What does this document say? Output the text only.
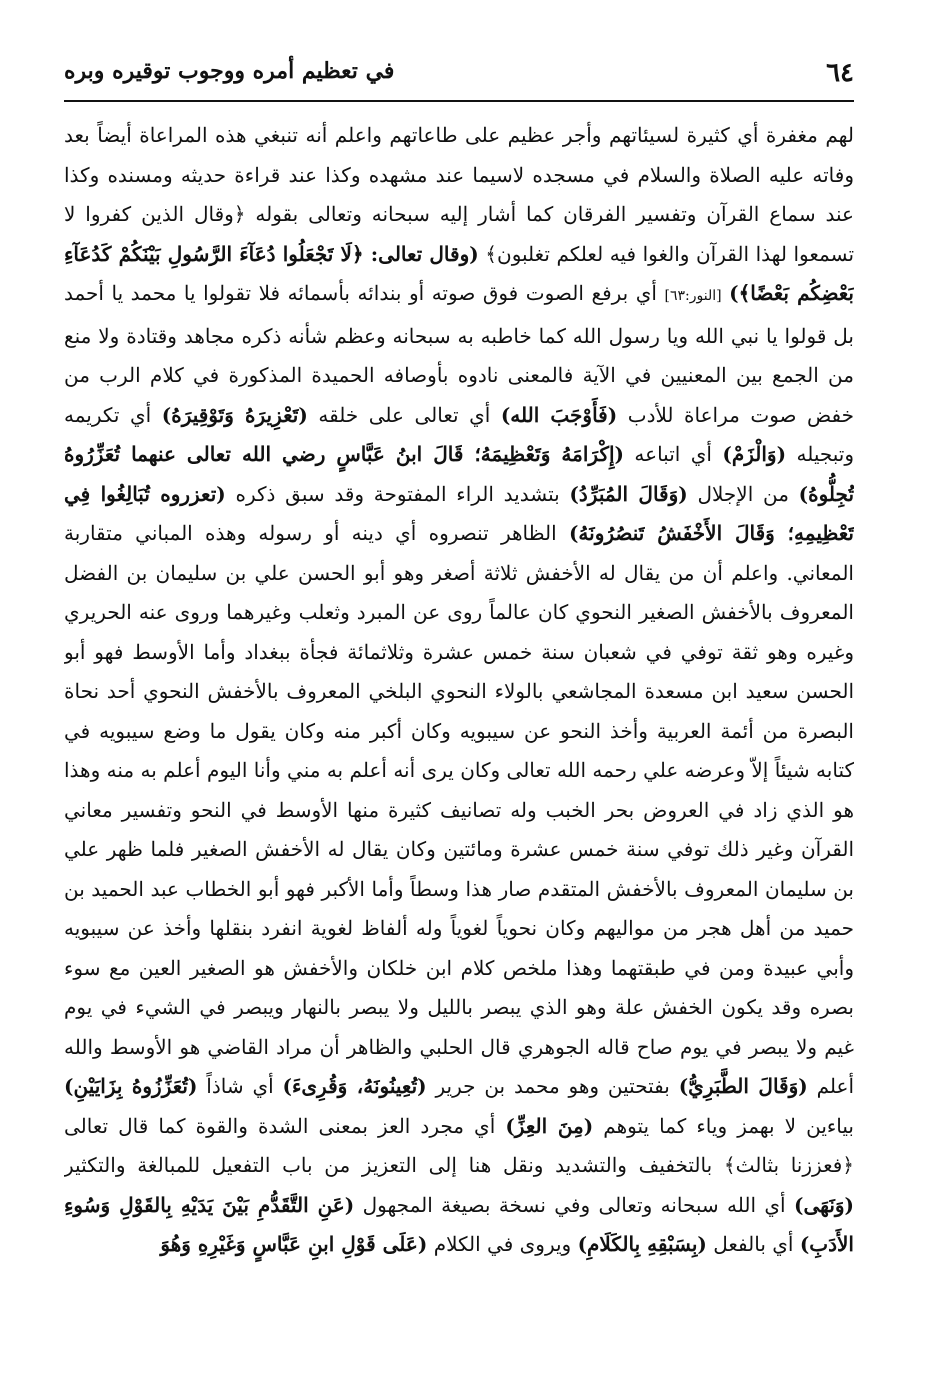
٦٤
في تعظيم أمره ووجوب توقيره وبره
لهم مغفرة أي كثيرة لسيئاتهم وأجر عظيم على طاعاتهم واعلم أنه تنبغي هذه المراعاة أيضاً بعد وفاته عليه الصلاة والسلام في مسجده لاسيما عند مشهده وكذا عند قراءة حديثه ومسنده وكذا عند سماع القرآن وتفسير الفرقان كما أشار إليه سبحانه وتعالى بقوله ﴿وقال الذين كفروا لا تسمعوا لهذا القرآن والغوا فيه لعلكم تغلبون﴾ (وقال تعالى: ﴿لَا تَجْعَلُوا دُعَآءَ الرَّسُولِ بَيْنَكُمْ كَدُعَآءِ بَعْضِكُم بَعْضًا﴾) [النور:٦٣] أي برفع الصوت فوق صوته أو بندائه بأسمائه فلا تقولوا يا محمد يا أحمد بل قولوا يا نبي الله ويا رسول الله كما خاطبه به سبحانه وعظم شأنه ذكره مجاهد وقتادة ولا منع من الجمع بين المعنيين في الآية فالمعنى نادوه بأوصافه الحميدة المذكورة في كلام الرب من خفض صوت مراعاة للأدب (فَأَوْجَبَ الله) أي تعالى على خلقه (تَعْزِيرَهُ وَتَوْقِيرَهُ) أي تكريمه وتبجيله (وَالْزَمْ) أي اتباعه (إِكْرَامَهُ وَتَعْظِيمَهُ؛ قَالَ ابنُ عَبَّاسٍ رضي الله تعالى عنهما تُعَزِّرُوهُ تُجِلُّوهُ) من الإجلال (وَقَالَ المُبَرِّدُ) بتشديد الراء المفتوحة وقد سبق ذكره (تعزروه تُبَالِغُوا فِي تَعْظِيمِهِ؛ وَقَالَ الأَخْفَشُ تَنصُرُونَهُ) الظاهر تنصروه أي دينه أو رسوله وهذه المباني متقاربة المعاني. واعلم أن من يقال له الأخفش ثلاثة أصغر وهو أبو الحسن علي بن سليمان بن الفضل المعروف بالأخفش الصغير النحوي كان عالماً روى عن المبرد وثعلب وغيرهما وروى عنه الحريري وغيره وهو ثقة توفي في شعبان سنة خمس عشرة وثلاثمائة فجأة ببغداد وأما الأوسط فهو أبو الحسن سعيد ابن مسعدة المجاشعي بالولاء النحوي البلخي المعروف بالأخفش النحوي أحد نحاة البصرة من أئمة العربية وأخذ النحو عن سيبويه وكان أكبر منه وكان يقول ما وضع سيبويه في كتابه شيئاً إلاّ وعرضه علي رحمه الله تعالى وكان يرى أنه أعلم به مني وأنا اليوم أعلم به منه وهذا هو الذي زاد في العروض بحر الخبب وله تصانيف كثيرة منها الأوسط في النحو وتفسير معاني القرآن وغير ذلك توفي سنة خمس عشرة ومائتين وكان يقال له الأخفش الصغير فلما ظهر علي بن سليمان المعروف بالأخفش المتقدم صار هذا وسطاً وأما الأكبر فهو أبو الخطاب عبد الحميد بن حميد من أهل هجر من مواليهم وكان نحوياً لغوياً وله ألفاظ لغوية انفرد بنقلها وأخذ عن سيبويه وأبي عبيدة ومن في طبقتهما وهذا ملخص كلام ابن خلكان والأخفش هو الصغير العين مع سوء بصره وقد يكون الخفش علة وهو الذي يبصر بالليل ولا يبصر بالنهار ويبصر في الشيء في يوم غيم ولا يبصر في يوم صاح قاله الجوهري قال الحلبي والظاهر أن مراد القاضي هو الأوسط والله أعلم (وَقَالَ الطَّبَرِيُّ) بفتحتين وهو محمد بن جرير (تُعِينُونَهُ، وَقُرِىءَ) أي شاذاً (تُعَزِّزُوهُ بِزَايَيْنِ) بياءين لا بهمز وياء كما يتوهم (مِنَ العِزِّ) أي مجرد العز بمعنى الشدة والقوة كما قال تعالى ﴿فعززنا بثالث﴾ بالتخفيف والتشديد ونقل هنا إلى التعزيز من باب التفعيل للمبالغة والتكثير (وَنَهَى) أي الله سبحانه وتعالى وفي نسخة بصيغة المجهول (عَنِ التَّقَدُّمِ بَيْنَ يَدَيْهِ بِالقَوْلِ وَسُوءِ الأَدَبِ) أي بالفعل (بِسَبْقِهِ بِالكَلَامِ) ويروى في الكلام (عَلَى قَوْلِ ابنِ عَبَّاسٍ وَغَيْرِهِ وَهُوَ
